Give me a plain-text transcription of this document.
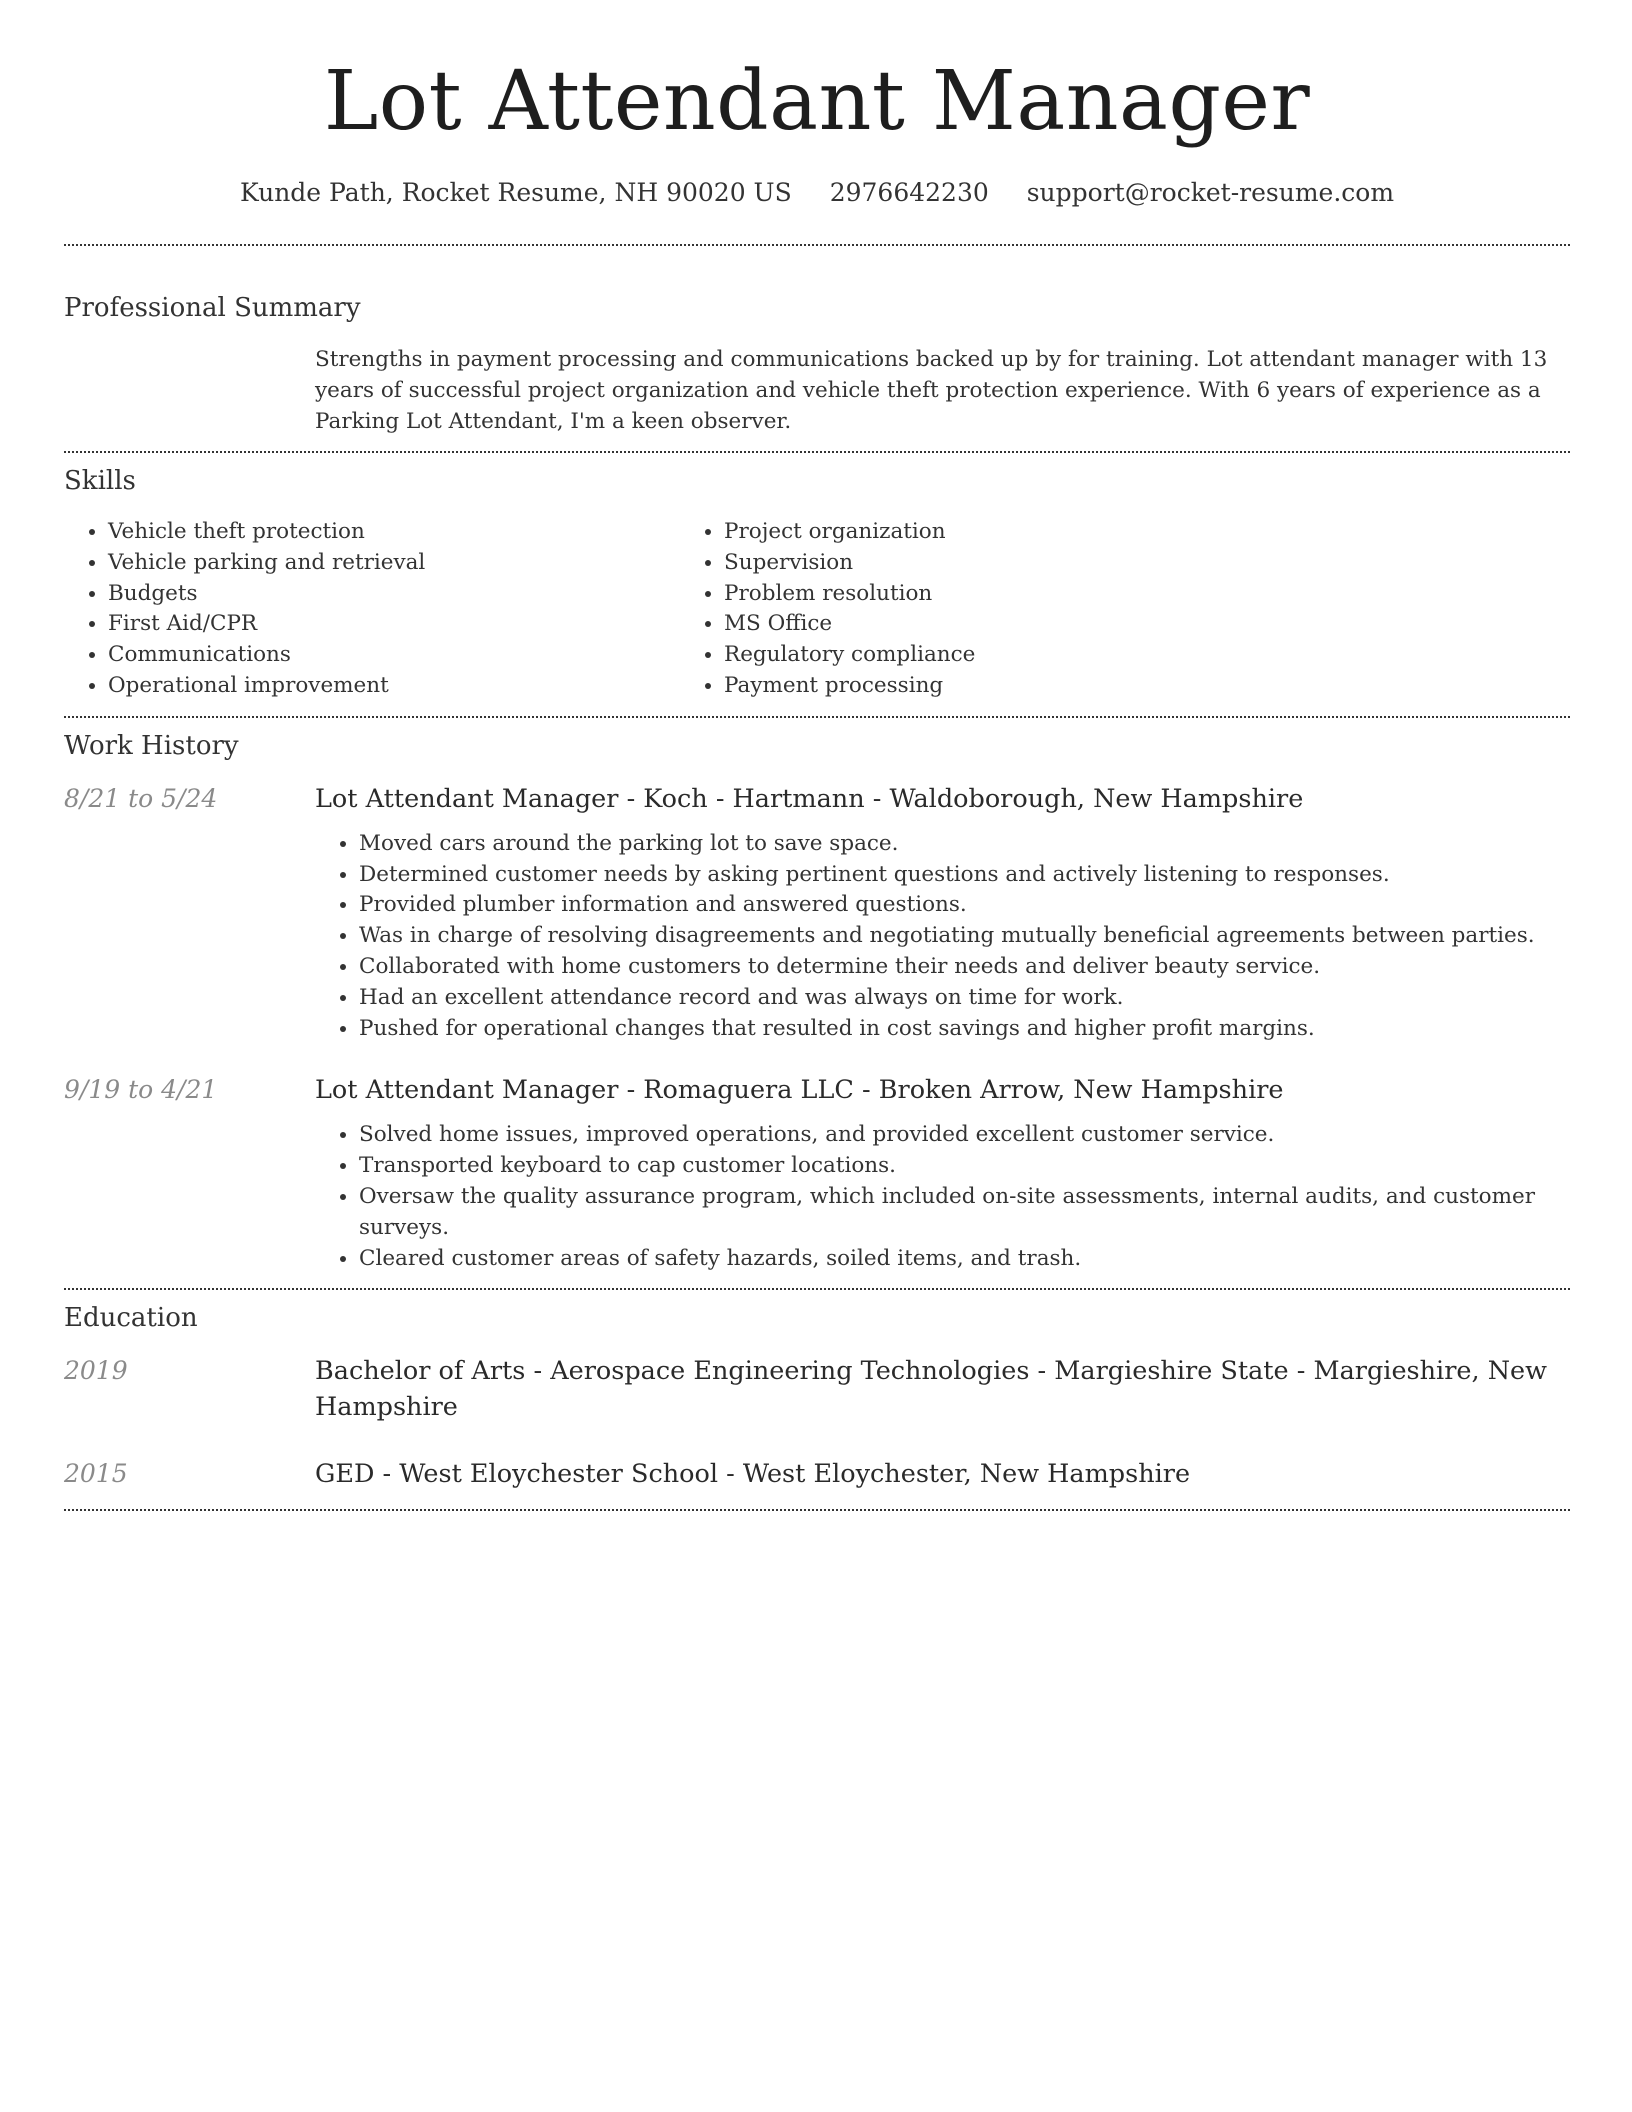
Lot Attendant Manager
Kunde Path, Rocket Resume, NH 90020 US 2976642230 support@rocket-resume.com
Professional Summary

Strengths in payment processing and communications backed up by for training. Lot attendant manager with 13 years of successful project organization and vehicle theft protection experience. With 6 years of experience as a Parking Lot Attendant, I'm a keen observer.

Skills
• Vehicle theft protection
• Vehicle parking and retrieval
• Budgets
• First Aid/CPR
• Communications
• Operational improvement
• Project organization
• Supervision
• Problem resolution
• MS Office
• Regulatory compliance
• Payment processing
Work History
8/21 to 5/24	Lot Attendant Manager - Koch - Hartmann - Waldoborough, New Hampshire
• Moved cars around the parking lot to save space.
• Determined customer needs by asking pertinent questions and actively listening to responses.
• Provided plumber information and answered questions.
• Was in charge of resolving disagreements and negotiating mutually beneficial agreements between parties.
• Collaborated with home customers to determine their needs and deliver beauty service.
• Had an excellent attendance record and was always on time for work.
• Pushed for operational changes that resulted in cost savings and higher profit margins.
9/19 to 4/21	Lot Attendant Manager - Romaguera LLC - Broken Arrow, New Hampshire
• Solved home issues, improved operations, and provided excellent customer service.
• Transported keyboard to cap customer locations.
• Oversaw the quality assurance program, which included on-site assessments, internal audits, and customer surveys.
• Cleared customer areas of safety hazards, soiled items, and trash.
Education
2019	Bachelor of Arts - Aerospace Engineering Technologies - Margieshire State - Margieshire, New Hampshire
2015	GED - West Eloychester School - West Eloychester, New Hampshire
